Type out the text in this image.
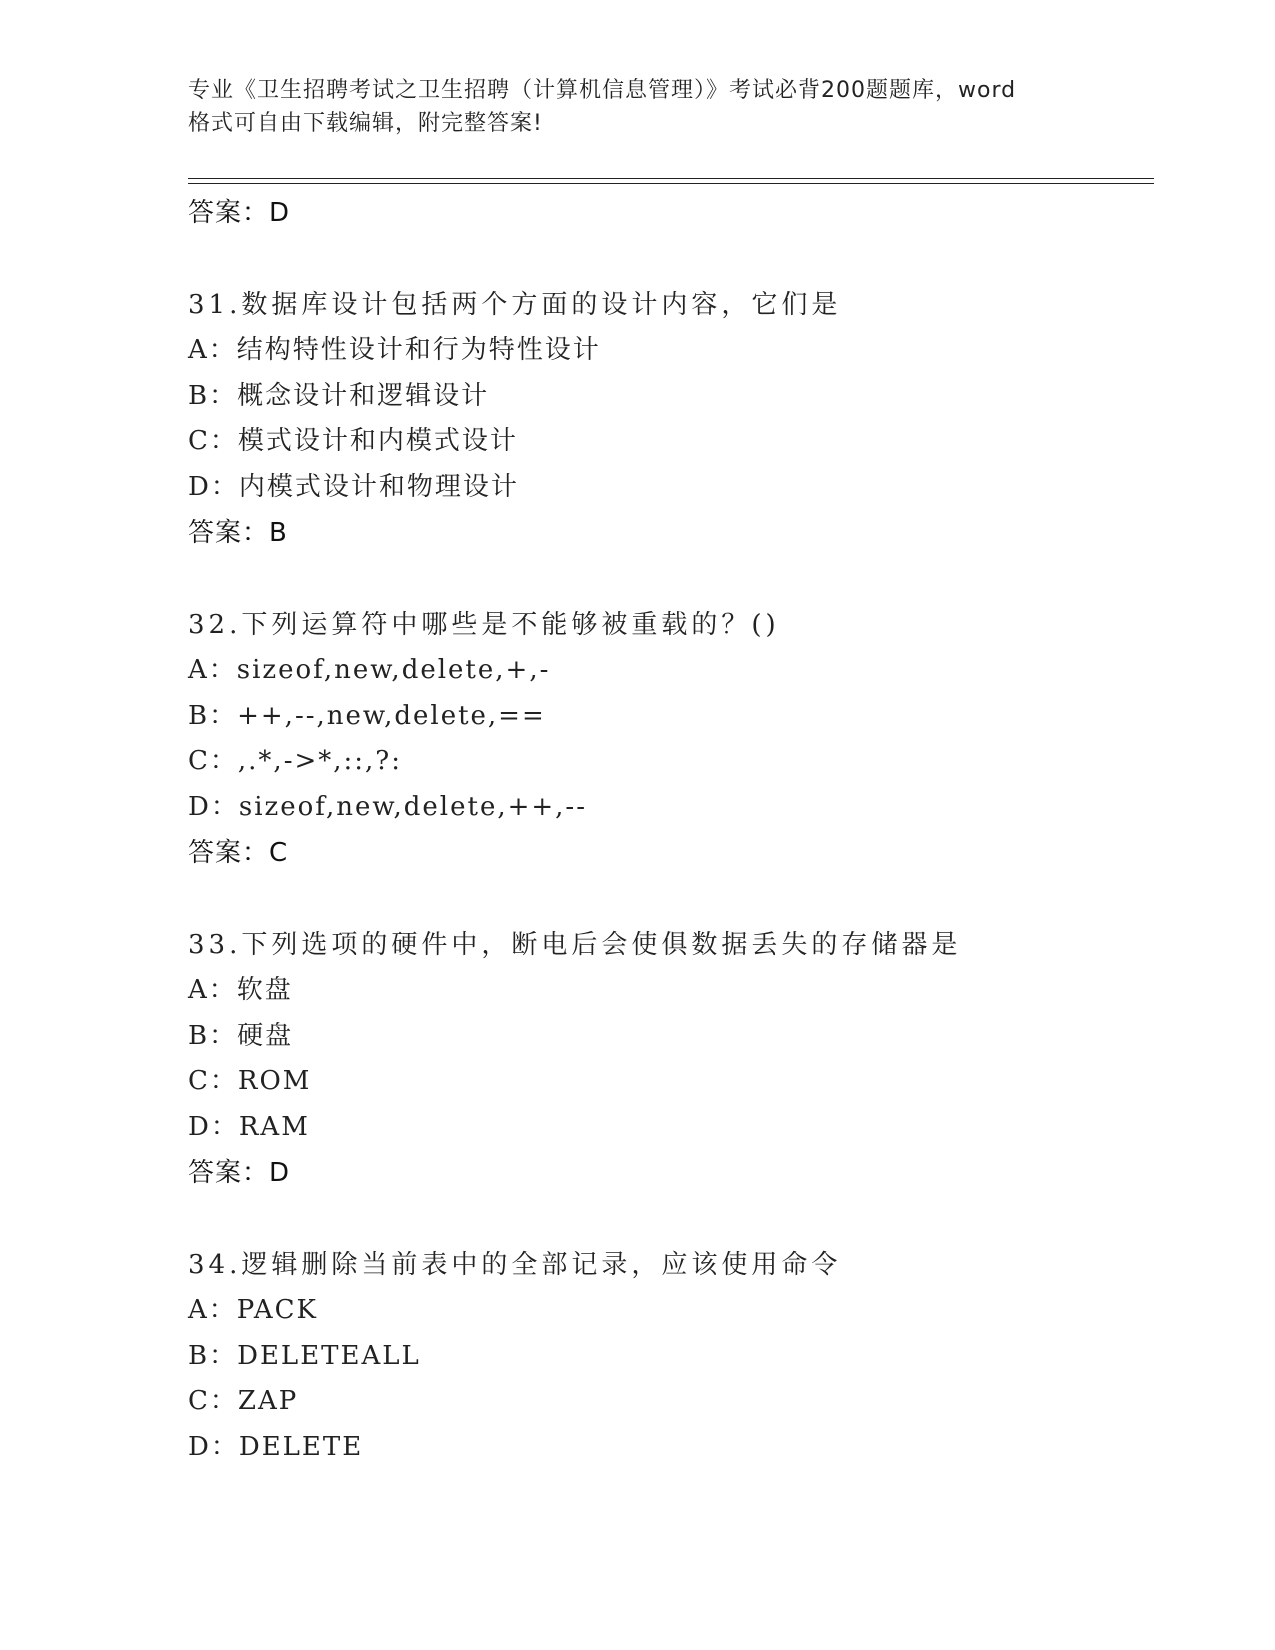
专业《卫生招聘考试之卫生招聘（计算机信息管理）》考试必背200题题库，word
格式可自由下载编辑，附完整答案!
答案：D
31.数据库设计包括两个方面的设计内容，它们是
A：结构特性设计和行为特性设计
B：概念设计和逻辑设计
C：模式设计和内模式设计
D：内模式设计和物理设计
答案：B
32.下列运算符中哪些是不能够被重载的？()
A：sizeof,new,delete,+,-
B：++,--,new,delete,==
C：,.*,->*,::,?:
D：sizeof,new,delete,++,--
答案：C
33.下列选项的硬件中，断电后会使俱数据丢失的存储器是
A：软盘
B：硬盘
C：ROM
D：RAM
答案：D
34.逻辑删除当前表中的全部记录，应该使用命令
A：PACK
B：DELETEALL
C：ZAP
D：DELETE
